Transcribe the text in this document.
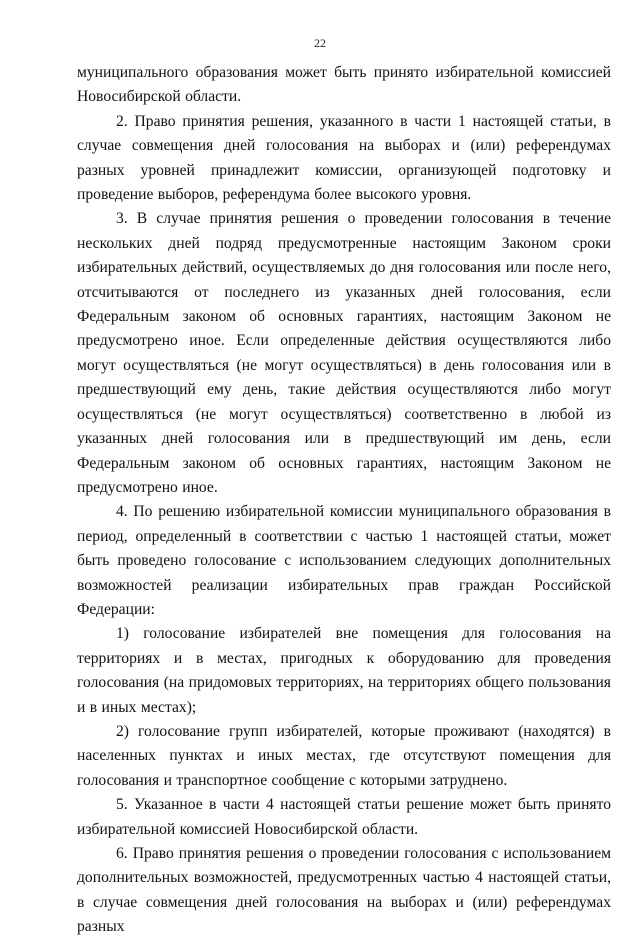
22

муниципального образования может быть принято избирательной комиссией Новосибирской области.

2. Право принятия решения, указанного в части 1 настоящей статьи, в случае совмещения дней голосования на выборах и (или) референдумах разных уровней принадлежит комиссии, организующей подготовку и проведение выборов, референдума более высокого уровня.

3. В случае принятия решения о проведении голосования в течение нескольких дней подряд предусмотренные настоящим Законом сроки избирательных действий, осуществляемых до дня голосования или после него, отсчитываются от последнего из указанных дней голосования, если Федеральным законом об основных гарантиях, настоящим Законом не предусмотрено иное. Если определенные действия осуществляются либо могут осуществляться (не могут осуществляться) в день голосования или в предшествующий ему день, такие действия осуществляются либо могут осуществляться (не могут осуществляться) соответственно в любой из указанных дней голосования или в предшествующий им день, если Федеральным законом об основных гарантиях, настоящим Законом не предусмотрено иное.

4. По решению избирательной комиссии муниципального образования в период, определенный в соответствии с частью 1 настоящей статьи, может быть проведено голосование с использованием следующих дополнительных возможностей реализации избирательных прав граждан Российской Федерации:

1) голосование избирателей вне помещения для голосования на территориях и в местах, пригодных к оборудованию для проведения голосования (на придомовых территориях, на территориях общего пользования и в иных местах);

2) голосование групп избирателей, которые проживают (находятся) в населенных пунктах и иных местах, где отсутствуют помещения для голосования и транспортное сообщение с которыми затруднено.

5. Указанное в части 4 настоящей статьи решение может быть принято избирательной комиссией Новосибирской области.

6. Право принятия решения о проведении голосования с использованием дополнительных возможностей, предусмотренных частью 4 настоящей статьи, в случае совмещения дней голосования на выборах и (или) референдумах разных
